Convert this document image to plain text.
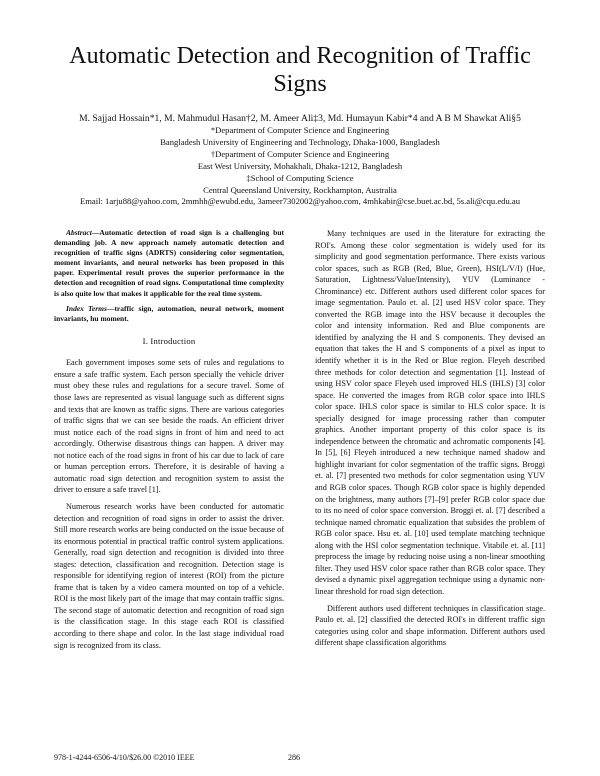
Automatic Detection and Recognition of Traffic Signs
M. Sajjad Hossain*1, M. Mahmudul Hasan†2, M. Ameer Ali‡3, Md. Humayun Kabir*4 and A B M Shawkat Ali§5
*Department of Computer Science and Engineering
Bangladesh University of Engineering and Technology, Dhaka-1000, Bangladesh
†Department of Computer Science and Engineering
East West University, Mohakhali, Dhaka-1212, Bangladesh
‡School of Computing Science
Central Queensland University, Rockhampton, Australia
Email: 1arju88@yahoo.com, 2mmhh@ewubd.edu, 3ameer7302002@yahoo.com, 4mhkabir@cse.buet.ac.bd, 5s.ali@cqu.edu.au

Abstract—Automatic detection of road sign is a challenging but demanding job. A new approach namely automatic detection and recognition of traffic signs (ADRTS) considering color segmentation, moment invariants, and neural networks has been proposed in this paper. Experimental result proves the superior performance in the detection and recognition of road signs. Computational time complexity is also quite low that makes it applicable for the real time system.

Index Terms—traffic sign, automation, neural network, moment invariants, hu moment.

I. Introduction

Each government imposes some sets of rules and regulations to ensure a safe traffic system. Each person specially the vehicle driver must obey these rules and regulations for a secure travel. Some of those laws are represented as visual language such as different signs and texts that are known as traffic signs. There are various categories of traffic signs that we can see beside the roads. An efficient driver must notice each of the road signs in front of him and need to act accordingly. Otherwise disastrous things can happen. A driver may not notice each of the road signs in front of his car due to lack of care or human perception errors. Therefore, it is desirable of having a automatic road sign detection and recognition system to assist the driver to ensure a safe travel [1].

Numerous research works have been conducted for automatic detection and recognition of road signs in order to assist the driver. Still more research works are being conducted on the issue because of its enormous potential in practical traffic control system applications. Generally, road sign detection and recognition is divided into three stages: detection, classification and recognition. Detection stage is responsible for identifying region of interest (ROI) from the picture frame that is taken by a video camera mounted on top of a vehicle. ROI is the most likely part of the image that may contain traffic signs. The second stage of automatic detection and recognition of road sign is the classification stage. In this stage each ROI is classified according to there shape and color. In the last stage individual road sign is recognized from its class.

Many techniques are used in the literature for extracting the ROI's. Among these color segmentation is widely used for its simplicity and good segmentation performance. There exists various color spaces, such as RGB (Red, Blue, Green), HSI(L/V/I) (Hue, Saturation, Lightness/Value/Intensity), YUV (Luminance - Chrominance) etc. Different authors used different color spaces for image segmentation. Paulo et. al. [2] used HSV color space. They converted the RGB image into the HSV because it decouples the color and intensity information. Red and Blue components are identified by analyzing the H and S components. They devised an equation that takes the H and S components of a pixel as input to identify whether it is in the Red or Blue region. Fleyeh described three methods for color detection and segmentation [1]. Instead of using HSV color space Fleyeh used improved HLS (IHLS) [3] color space. He converted the images from RGB color space into IHLS color space. IHLS color space is similar to HLS color space. It is specially designed for image processing rather than computer graphics. Another important property of this color space is its independence between the chromatic and achromatic components [4]. In [5], [6] Fleyeh introduced a new technique named shadow and highlight invariant for color segmentation of the traffic signs. Broggi et. al. [7] presented two methods for color segmentation using YUV and RGB color spaces. Though RGB color space is highly depended on the brightness, many authors [7]–[9] prefer RGB color space due to its no need of color space conversion. Broggi et. al. [7] described a technique named chromatic equalization that subsides the problem of RGB color space. Hsu et. al. [10] used template matching technique along with the HSI color segmentation technique. Vitabile et. al. [11] preprocess the image by reducing noise using a non-linear smoothing filter. They used HSV color space rather than RGB color space. They devised a dynamic pixel aggregation technique using a dynamic non-linear threshold for road sign detection.

Different authors used different techniques in classification stage. Paulo et. al. [2] classified the detected ROI's in different traffic sign categories using color and shape information. Different authors used different shape classification algorithms

978-1-4244-6506-4/10/$26.00 ©2010 IEEE	286
